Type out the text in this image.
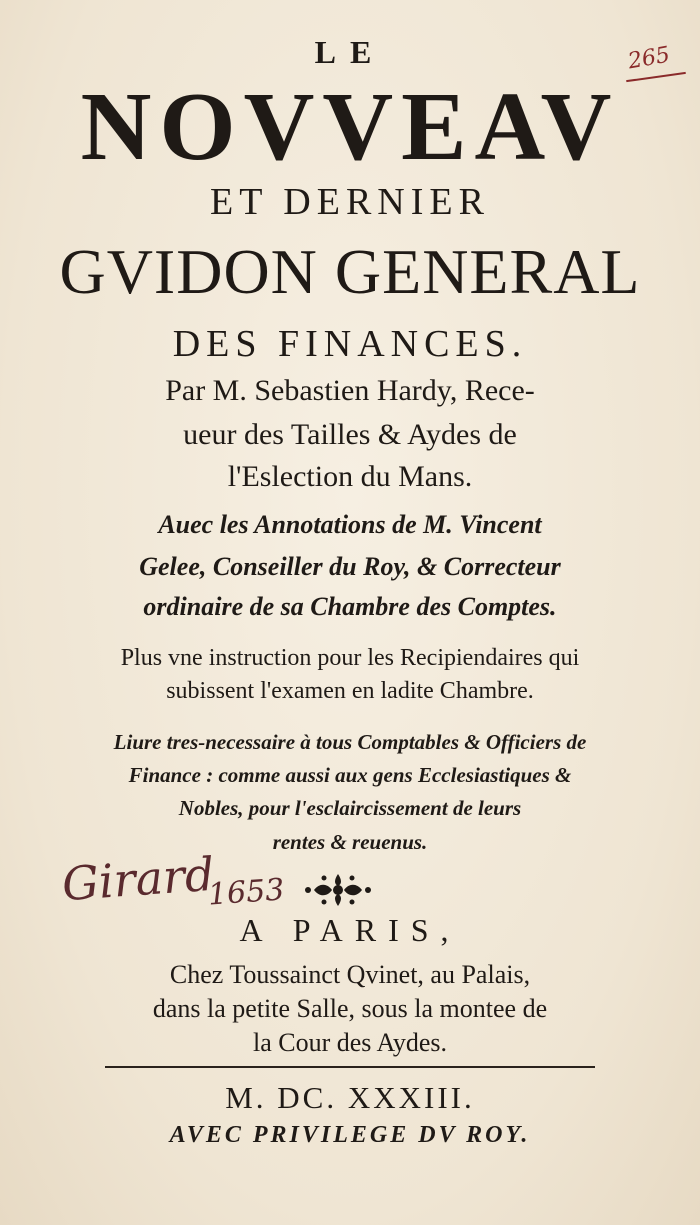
265
LE
NOVVEAV
ET DERNIER
GVIDON GENERAL
DES FINANCES.
Par M. Sebastien Hardy, Rece-
ueur des Tailles & Aydes de
l'Eslection du Mans.
Auec les Annotations de M. Vincent
Gelee, Conseiller du Roy, & Correcteur
ordinaire de sa Chambre des Comptes.
Plus vne instruction pour les Recipiendaires qui
subissent l'examen en ladite Chambre.
Liure tres-necessaire à tous Comptables & Officiers de
Finance : comme aussi aux gens Ecclesiastiques &
Nobles, pour l'esclaircissement de leurs
rentes & reuenus.
Girard
1653
A PARIS,
Chez Toussainct Qvinet, au Palais,
dans la petite Salle, sous la montee de
la Cour des Aydes.
M. DC. XXXIII.
AVEC PRIVILEGE DV ROY.
